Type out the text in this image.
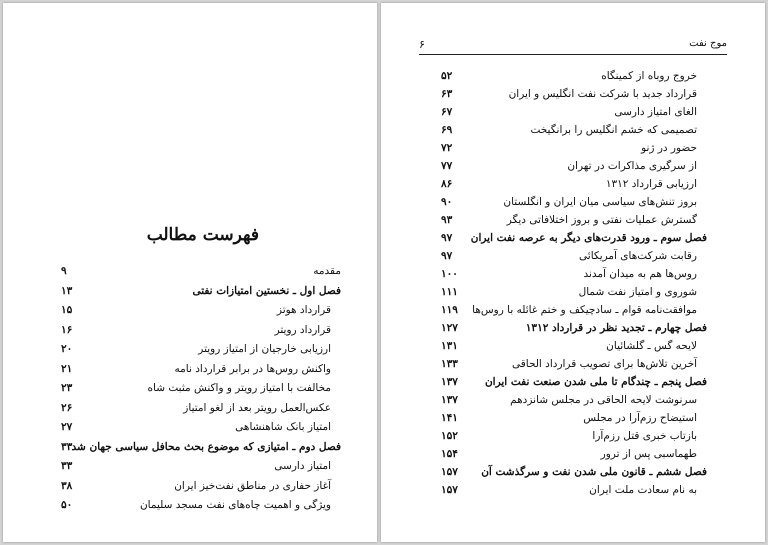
۶	موج نفت
خروج روباه از کمینگاه
۵۲
قرارداد جدید با شرکت نفت انگلیس و ایران
۶۳
الغای امتیاز دارسی
۶۷
تصمیمی که خشم انگلیس را برانگیخت
۶۹
حضور در ژنو
۷۲
از سرگیری مذاکرات در تهران
۷۷
ارزیابی قرارداد ۱۳۱۲
۸۶
بروز تنش‌های سیاسی میان ایران و انگلستان
۹۰
گسترش عملیات نفتی و بروز اختلافاتی دیگر
۹۳
فصل سوم ـ ورود قدرت‌های دیگر به عرصه نفت ایران
۹۷
رقابت شرکت‌های آمریکائی
۹۷
روس‌ها هم به میدان آمدند
۱۰۰
شوروی و امتیاز نفت شمال
۱۱۱
موافقت‌نامه قوام ـ سادچیکف و ختم غائله با روس‌ها
۱۱۹
فصل چهارم ـ تجدید نظر در قرارداد ۱۳۱۲
۱۲۷
لایحه گس ـ گلشائیان
۱۳۱
آخرین تلاش‌ها برای تصویب قرارداد الحاقی
۱۳۳
فصل پنجم ـ چندگام تا ملی شدن صنعت نفت ایران
۱۳۷
سرنوشت لایحه الحاقی در مجلس شانزدهم
۱۳۷
استیضاح رزم‌آرا در مجلس
۱۴۱
بازتاب خبری قتل رزم‌آرا
۱۵۲
طهماسبی پس از ترور
۱۵۴
فصل ششم ـ قانون ملی شدن نفت و سرگذشت آن
۱۵۷
به نام سعادت ملت ایران
۱۵۷
فهرست مطالب
مقدمه
۹
فصل اول ـ نخستین امتیازات نفتی
۱۳
قرارداد هوتز
۱۵
قرارداد رویتر
۱۶
ارزیابی خارجیان از امتیاز رویتر
۲۰
واکنش روس‌ها در برابر قرارداد نامه
۲۱
مخالفت با امتیاز رویتر و واکنش مثبت شاه
۲۳
عکس‌العمل رویتر بعد از لغو امتیاز
۲۶
امتیاز بانک شاهنشاهی
۲۷
فصل دوم ـ امتیازی که موضوع بحث محافل سیاسی جهان شد
۳۳
امتیاز دارسی
۳۳
آغاز حفاری در مناطق نفت‌خیز ایران
۳۸
ویژگی و اهمیت چاه‌های نفت مسجد سلیمان
۵۰
